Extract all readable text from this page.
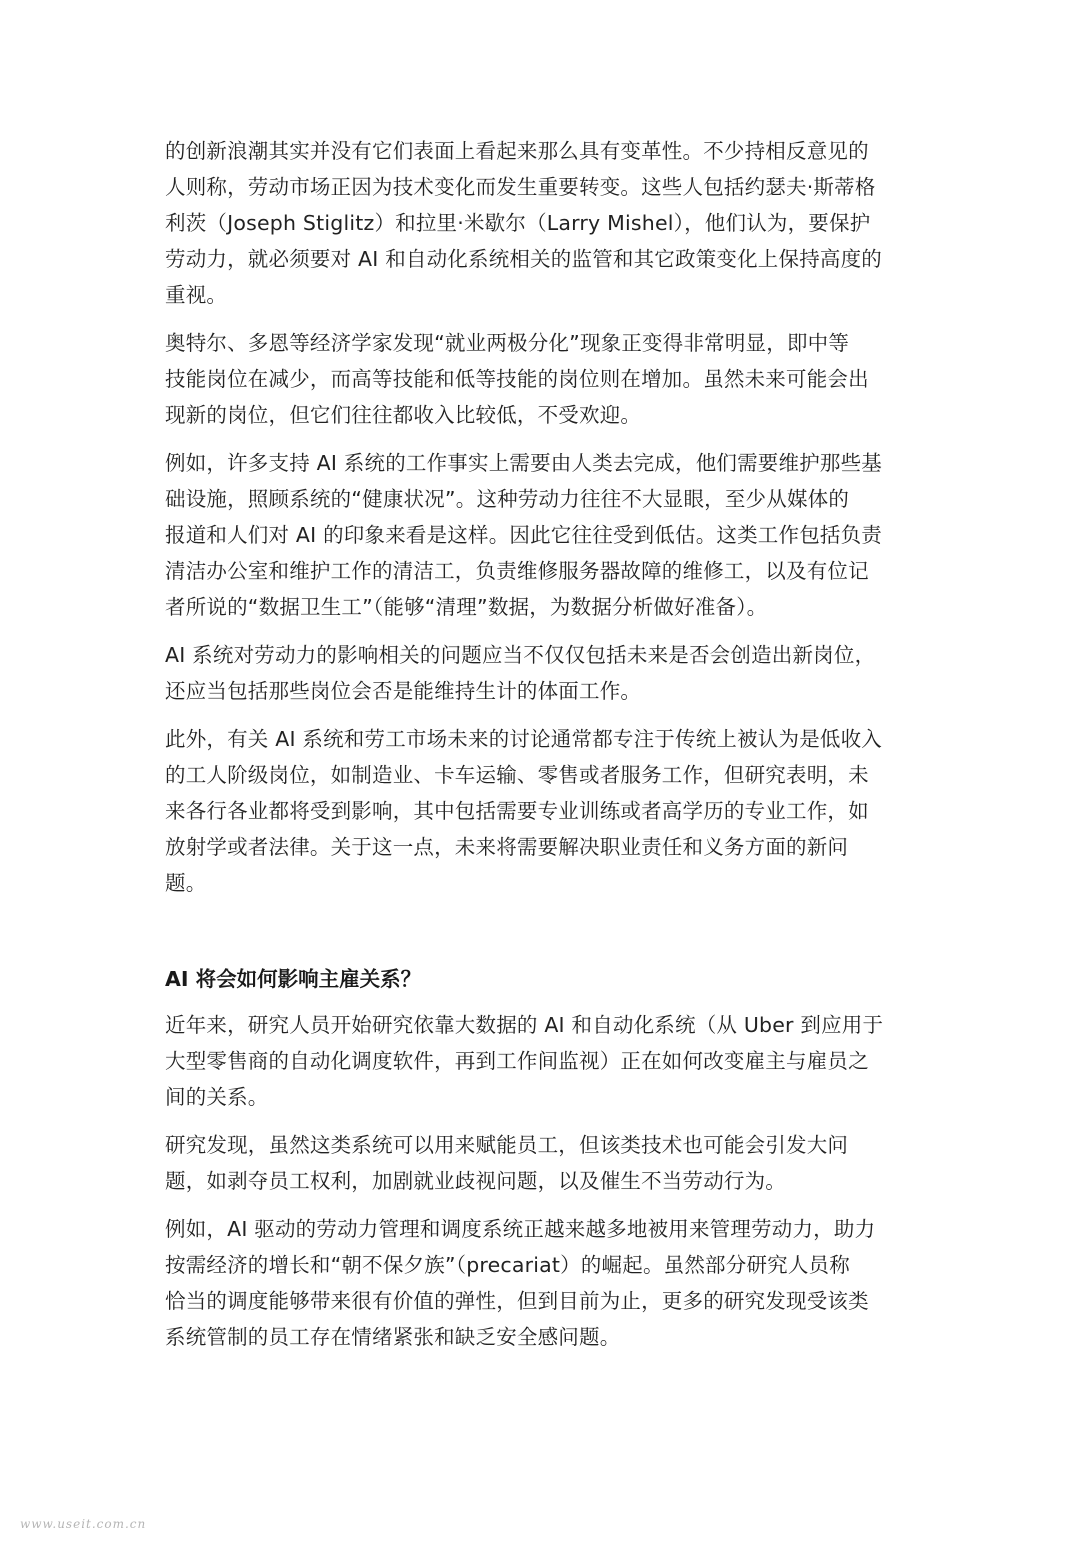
的创新浪潮其实并没有它们表面上看起来那么具有变革性。不少持相反意见的
人则称，劳动市场正因为技术变化而发生重要转变。这些人包括约瑟夫·斯蒂格
利茨（Joseph Stiglitz）和拉里·米歇尔（Larry Mishel），他们认为，要保护
劳动力，就必须要对 AI 和自动化系统相关的监管和其它政策变化上保持高度的
重视。
奥特尔、多恩等经济学家发现“就业两极分化”现象正变得非常明显，即中等
技能岗位在减少，而高等技能和低等技能的岗位则在增加。虽然未来可能会出
现新的岗位，但它们往往都收入比较低，不受欢迎。
例如，许多支持 AI 系统的工作事实上需要由人类去完成，他们需要维护那些基
础设施，照顾系统的“健康状况”。这种劳动力往往不大显眼，至少从媒体的
报道和人们对 AI 的印象来看是这样。因此它往往受到低估。这类工作包括负责
清洁办公室和维护工作的清洁工，负责维修服务器故障的维修工，以及有位记
者所说的“数据卫生工”（能够“清理”数据，为数据分析做好准备）。
AI 系统对劳动力的影响相关的问题应当不仅仅包括未来是否会创造出新岗位，
还应当包括那些岗位会否是能维持生计的体面工作。
此外，有关 AI 系统和劳工市场未来的讨论通常都专注于传统上被认为是低收入
的工人阶级岗位，如制造业、卡车运输、零售或者服务工作，但研究表明，未
来各行各业都将受到影响，其中包括需要专业训练或者高学历的专业工作，如
放射学或者法律。关于这一点，未来将需要解决职业责任和义务方面的新问
题。
AI 将会如何影响主雇关系？
近年来，研究人员开始研究依靠大数据的 AI 和自动化系统（从 Uber 到应用于
大型零售商的自动化调度软件，再到工作间监视）正在如何改变雇主与雇员之
间的关系。
研究发现，虽然这类系统可以用来赋能员工，但该类技术也可能会引发大问
题，如剥夺员工权利，加剧就业歧视问题，以及催生不当劳动行为。
例如，AI 驱动的劳动力管理和调度系统正越来越多地被用来管理劳动力，助力
按需经济的增长和“朝不保夕族”（precariat）的崛起。虽然部分研究人员称
恰当的调度能够带来很有价值的弹性，但到目前为止，更多的研究发现受该类
系统管制的员工存在情绪紧张和缺乏安全感问题。
www.useit.com.cn
